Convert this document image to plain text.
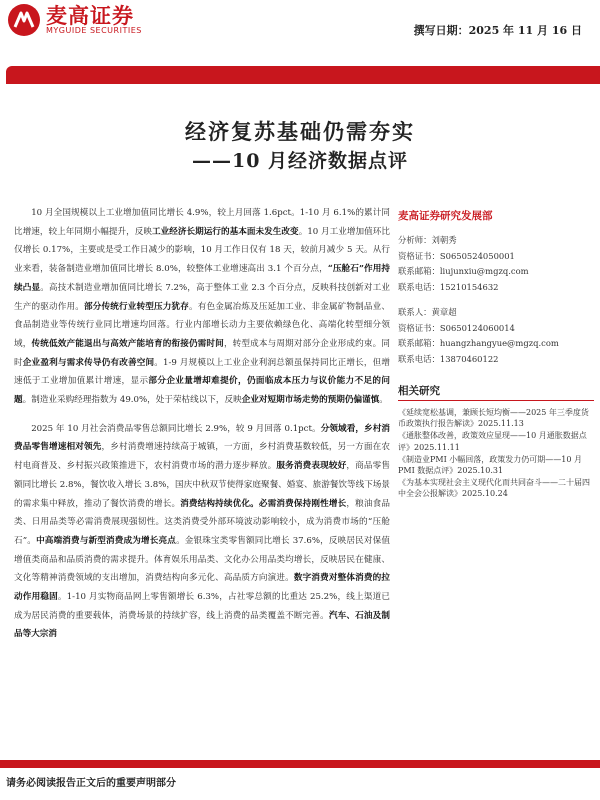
麦高证券
MYGUIDE SECURITIES	撰写日期：2025 年 11 月 16 日
经济复苏基础仍需夯实
——10 月经济数据点评

10 月全国规模以上工业增加值同比增长 4.9%，较上月回落 1.6pct。1-10 月 6.1%的累计同比增速，较上年同期小幅提升，反映工业经济长期运行的基本面未发生改变。10 月工业增加值环比仅增长 0.17%，主要或是受工作日减少的影响，10 月工作日仅有 18 天，较前月减少 5 天。从行业来看，装备制造业增加值同比增长 8.0%，较整体工业增速高出 3.1 个百分点，“压舱石”作用持续凸显。高技术制造业增加值同比增长 7.2%，高于整体工业 2.3 个百分点，反映科技创新对工业生产的驱动作用。部分传统行业转型压力犹存。有色金属冶炼及压延加工业、非金属矿物制品业、食品制造业等传统行业同比增速均回落。行业内部增长动力主要依赖绿色化、高端化转型细分领域，传统低效产能退出与高效产能培育的衔接仍需时间，转型成本与周期对部分企业形成约束。同时企业盈利与需求传导仍有改善空间。1-9 月规模以上工业企业利润总额虽保持同比正增长，但增速低于工业增加值累计增速，显示部分企业量增却难提价，仍面临成本压力与议价能力不足的问题。制造业采购经理指数为 49.0%，处于荣枯线以下，反映企业对短期市场走势的预期仍偏谨慎。

2025 年 10 月社会消费品零售总额同比增长 2.9%，较 9 月回落 0.1pct。分领域看，乡村消费品零售增速相对领先，乡村消费增速持续高于城镇，一方面，乡村消费基数较低，另一方面在农村电商普及、乡村振兴政策推进下，农村消费市场的潜力逐步释放。服务消费表现较好，商品零售额同比增长 2.8%，餐饮收入增长 3.8%，国庆中秋双节使得家庭聚餐、婚宴、旅游餐饮等线下场景的需求集中释放，推动了餐饮消费的增长。消费结构持续优化。必需消费保持刚性增长，粮油食品类、日用品类等必需消费展现强韧性。这类消费受外部环境波动影响较小，成为消费市场的“压舱石”。中高端消费与新型消费成为增长亮点。金银珠宝类零售额同比增长 37.6%，反映居民对保值增值类商品和品质消费的需求提升。体育娱乐用品类、文化办公用品类均增长，反映居民在健康、文化等精神消费领域的支出增加，消费结构向多元化、高品质方向演进。数字消费对整体消费的拉动作用稳固。1-10 月实物商品网上零售额增长 6.3%，占社零总额的比重达 25.2%，线上渠道已成为居民消费的重要载体，消费场景的持续扩容，线上消费的品类覆盖不断完善。汽车、石油及制品等大宗消

麦高证券研究发展部
分析师：刘朝秀
资格证书：S0650524050001
联系邮箱：liujunxiu@mgzq.com
联系电话：15210154632
联系人：黄章超
资格证书：S0650124060014
联系邮箱：huangzhangyue@mgzq.com
联系电话：13870460122
相关研究
《延续宽松基调，兼顾长短均衡——2025 年三季度货币政策执行报告解读》2025.11.13
《通胀整体改善，政策效应显现——10 月通胀数据点评》2025.11.11
《制造业PMI 小幅回落，政策发力仍可期——10 月 PMI 数据点评》2025.10.31
《为基本实现社会主义现代化而共同奋斗——二十届四中全会公报解读》2025.10.24
请务必阅读报告正文后的重要声明部分
